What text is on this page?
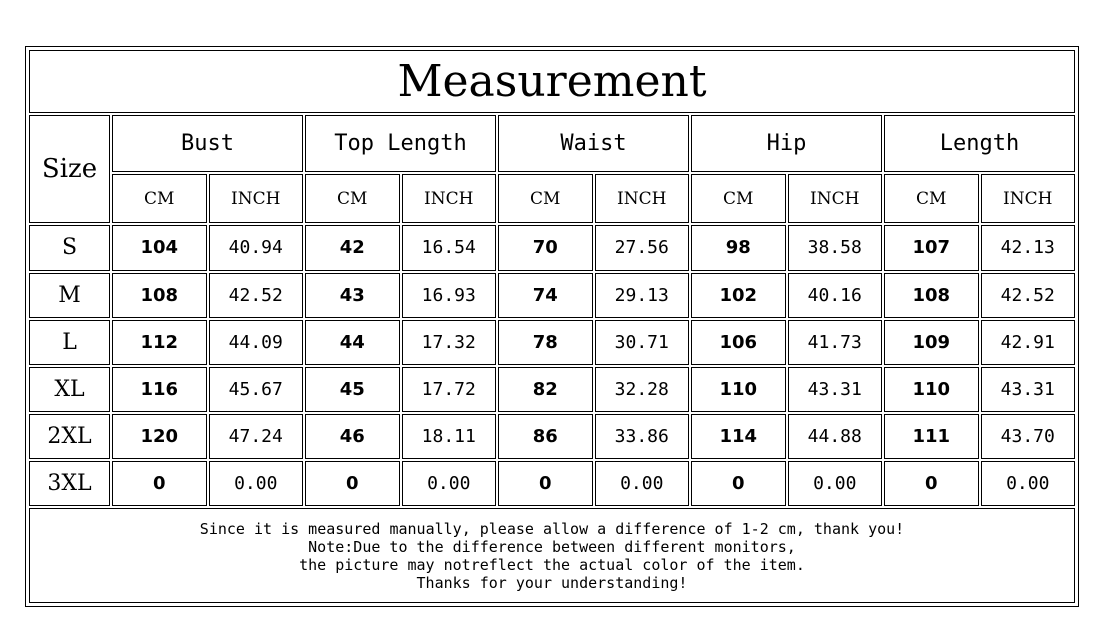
Measurement										
Size	Bust		Top Length		Waist		Hip		Length	
	CM	INCH	CM	INCH	CM	INCH	CM	INCH	CM	INCH
S	104	40.94	42	16.54	70	27.56	98	38.58	107	42.13
M	108	42.52	43	16.93	74	29.13	102	40.16	108	42.52
L	112	44.09	44	17.32	78	30.71	106	41.73	109	42.91
XL	116	45.67	45	17.72	82	32.28	110	43.31	110	43.31
2XL	120	47.24	46	18.11	86	33.86	114	44.88	111	43.70
3XL	0	0.00	0	0.00	0	0.00	0	0.00	0	0.00

Since it is measured manually, please allow a difference of 1-2 cm, thank you!
Note:Due to the difference between different monitors,
the picture may notreflect the actual color of the item.
Thanks for your understanding!										
